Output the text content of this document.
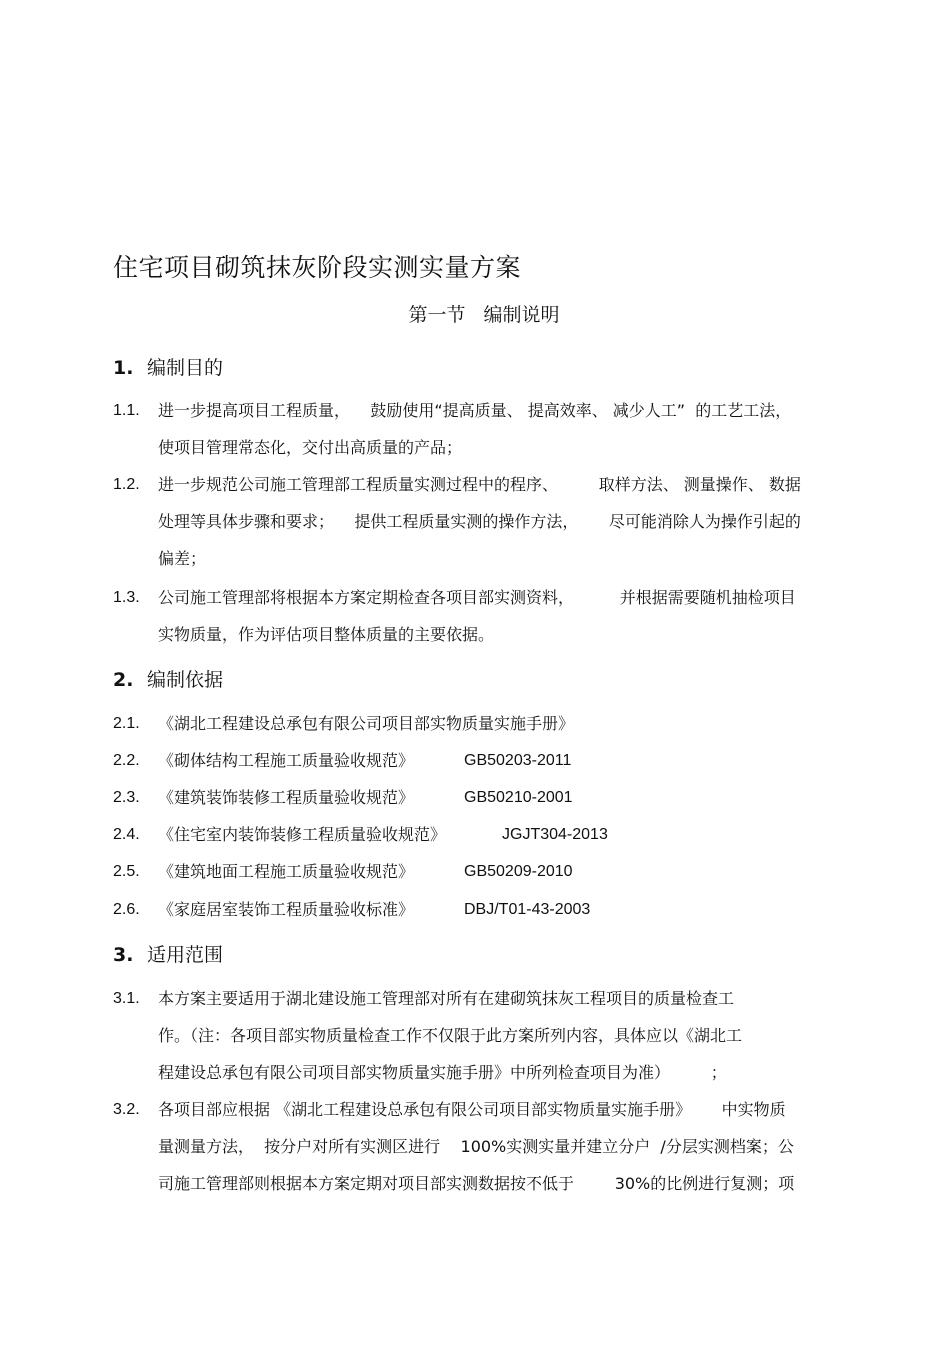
住宅项目砌筑抹灰阶段实测实量方案
第一节   编制说明
1. 编制目的
1.1.	进一步提高项目工程质量，    鼓励使用“提高质量、 提高效率、 减少人工”  的工艺工法，
使项目管理常态化，交付出高质量的产品；
1.2.	进一步规范公司施工管理部工程质量实测过程中的程序、        取样方法、 测量操作、 数据
处理等具体步骤和要求；    提供工程质量实测的操作方法，      尽可能消除人为操作引起的
偏差；
1.3.	公司施工管理部将根据本方案定期检查各项目部实测资料，         并根据需要随机抽检项目
实物质量，作为评估项目整体质量的主要依据。
2. 编制依据
2.1.	《湖北工程建设总承包有限公司项目部实物质量实施手册》
2.2.	《砌体结构工程施工质量验收规范》	GB50203-2011
2.3.	《建筑装饰装修工程质量验收规范》	GB50210-2001
2.4.	《住宅室内装饰装修工程质量验收规范》	JGJT304-2013
2.5.	《建筑地面工程施工质量验收规范》	GB50209-2010
2.6.	《家庭居室装饰工程质量验收标准》	DBJ/T01-43-2003
3. 适用范围
3.1.	本方案主要适用于湖北建设施工管理部对所有在建砌筑抹灰工程项目的质量检查工
作。（注：各项目部实物质量检查工作不仅限于此方案所列内容，具体应以《湖北工
程建设总承包有限公司项目部实物质量实施手册》中所列检查项目为准）        ；
3.2.	各项目部应根据 《湖北工程建设总承包有限公司项目部实物质量实施手册》      中实物质
量测量方法，  按分户对所有实测区进行    100%实测实量并建立分户  /分层实测档案；公
司施工管理部则根据本方案定期对项目部实测数据按不低于        30%的比例进行复测；项
